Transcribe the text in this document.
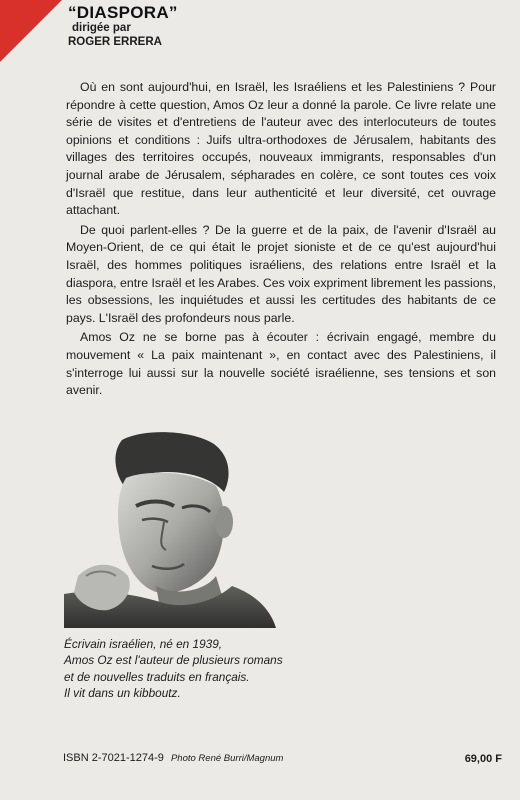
“DIASPORA”
dirigée par
ROGER ERRERA

Où en sont aujourd'hui, en Israël, les Israéliens et les Palestiniens ? Pour répondre à cette question, Amos Oz leur a donné la parole. Ce livre relate une série de visites et d'entretiens de l'auteur avec des interlocuteurs de toutes opinions et conditions : Juifs ultra-orthodoxes de Jérusalem, habitants des villages des territoires occupés, nouveaux immigrants, responsables d'un journal arabe de Jérusalem, sépharades en colère, ce sont toutes ces voix d'Israël que restitue, dans leur authenticité et leur diversité, cet ouvrage attachant.

De quoi parlent-elles ? De la guerre et de la paix, de l'avenir d'Israël au Moyen-Orient, de ce qui était le projet sioniste et de ce qu'est aujourd'hui Israël, des hommes politiques israéliens, des relations entre Israël et la diaspora, entre Israël et les Arabes. Ces voix expriment librement les passions, les obsessions, les inquiétudes et aussi les certitudes des habitants de ce pays. L'Israël des profondeurs nous parle.

Amos Oz ne se borne pas à écouter : écrivain engagé, membre du mouvement « La paix maintenant », en contact avec des Palestiniens, il s'interroge lui aussi sur la nouvelle société israélienne, ses tensions et son avenir.

Écrivain israélien, né en 1939,
Amos Oz est l'auteur de plusieurs romans
et de nouvelles traduits en français.
Il vit dans un kibboutz.
ISBN 2-7021-1274-9 Photo René Burri/Magnum	69,00 F
